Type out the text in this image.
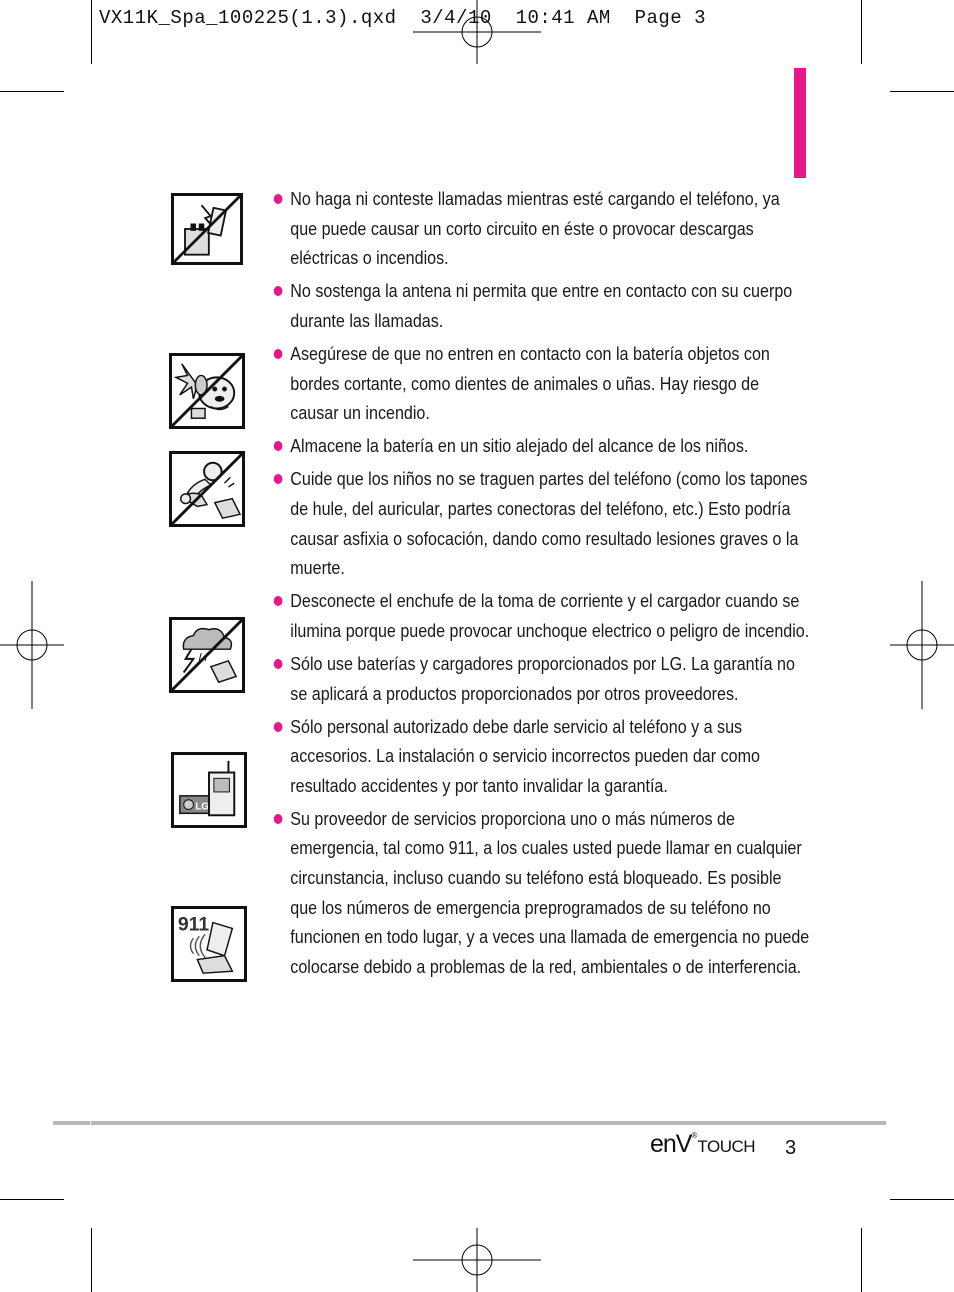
VX11K_Spa_100225(1.3).qxd  3/4/10  10:41 AM  Page 3
LG
911
No haga ni conteste llamadas mientras esté cargando el teléfono, ya que puede causar un corto circuito en éste o provocar descargas eléctricas o incendios.
No sostenga la antena ni permita que entre en contacto con su cuerpo durante las llamadas.
Asegúrese de que no entren en contacto con la batería objetos con bordes cortante, como dientes de animales o uñas. Hay riesgo de causar un incendio.
Almacene la batería en un sitio alejado del alcance de los niños.
Cuide que los niños no se traguen partes del teléfono (como los tapones de hule, del auricular, partes conectoras del teléfono, etc.) Esto podría causar asfixia o sofocación, dando como resultado lesiones graves o la muerte.
Desconecte el enchufe de la toma de corriente y el cargador cuando se ilumina porque puede provocar unchoque electrico o peligro de incendio.
Sólo use baterías y cargadores proporcionados por LG. La garantía no se aplicará a productos proporcionados por otros proveedores.
Sólo personal autorizado debe darle servicio al teléfono y a sus accesorios. La instalación o servicio incorrectos pueden dar como resultado accidentes y por tanto invalidar la garantía.
Su proveedor de servicios proporciona uno o más números de emergencia, tal como 911, a los cuales usted puede llamar en cualquier circunstancia, incluso cuando su teléfono está bloqueado. Es posible que los números de emergencia preprogramados de su teléfono no funcionen en todo lugar, y a veces una llamada de emergencia no puede colocarse debido a problemas de la red, ambientales o de interferencia.
enV®TOUCH 3
